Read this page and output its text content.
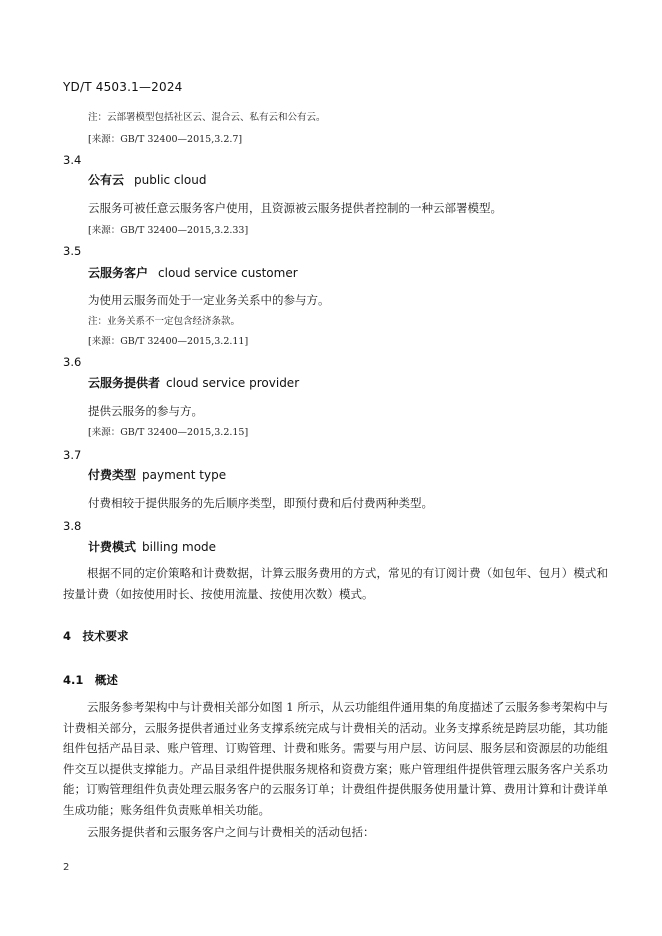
YD/T 4503.1—2024
注：云部署模型包括社区云、混合云、私有云和公有云。
[来源：GB/T 32400—2015,3.2.7]
3.4
公有云 public cloud
云服务可被任意云服务客户使用，且资源被云服务提供者控制的一种云部署模型。
[来源：GB/T 32400—2015,3.2.33]
3.5
云服务客户 cloud service customer
为使用云服务而处于一定业务关系中的参与方。
注：业务关系不一定包含经济条款。
[来源：GB/T 32400—2015,3.2.11]
3.6
云服务提供者 cloud service provider
提供云服务的参与方。
[来源：GB/T 32400—2015,3.2.15]
3.7
付费类型 payment type
付费相较于提供服务的先后顺序类型，即预付费和后付费两种类型。
3.8
计费模式 billing mode
根据不同的定价策略和计费数据，计算云服务费用的方式，常见的有订阅计费（如包年、包月）模式和按量计费（如按使用时长、按使用流量、按使用次数）模式。
4　技术要求
4.1　概述
云服务参考架构中与计费相关部分如图 1 所示，从云功能组件通用集的角度描述了云服务参考架构中与计费相关部分，云服务提供者通过业务支撑系统完成与计费相关的活动。业务支撑系统是跨层功能，其功能组件包括产品目录、账户管理、订购管理、计费和账务。需要与用户层、访问层、服务层和资源层的功能组件交互以提供支撑能力。产品目录组件提供服务规格和资费方案；账户管理组件提供管理云服务客户关系功能；订购管理组件负责处理云服务客户的云服务订单；计费组件提供服务使用量计算、费用计算和计费详单生成功能；账务组件负责账单相关功能。
云服务提供者和云服务客户之间与计费相关的活动包括：
2
